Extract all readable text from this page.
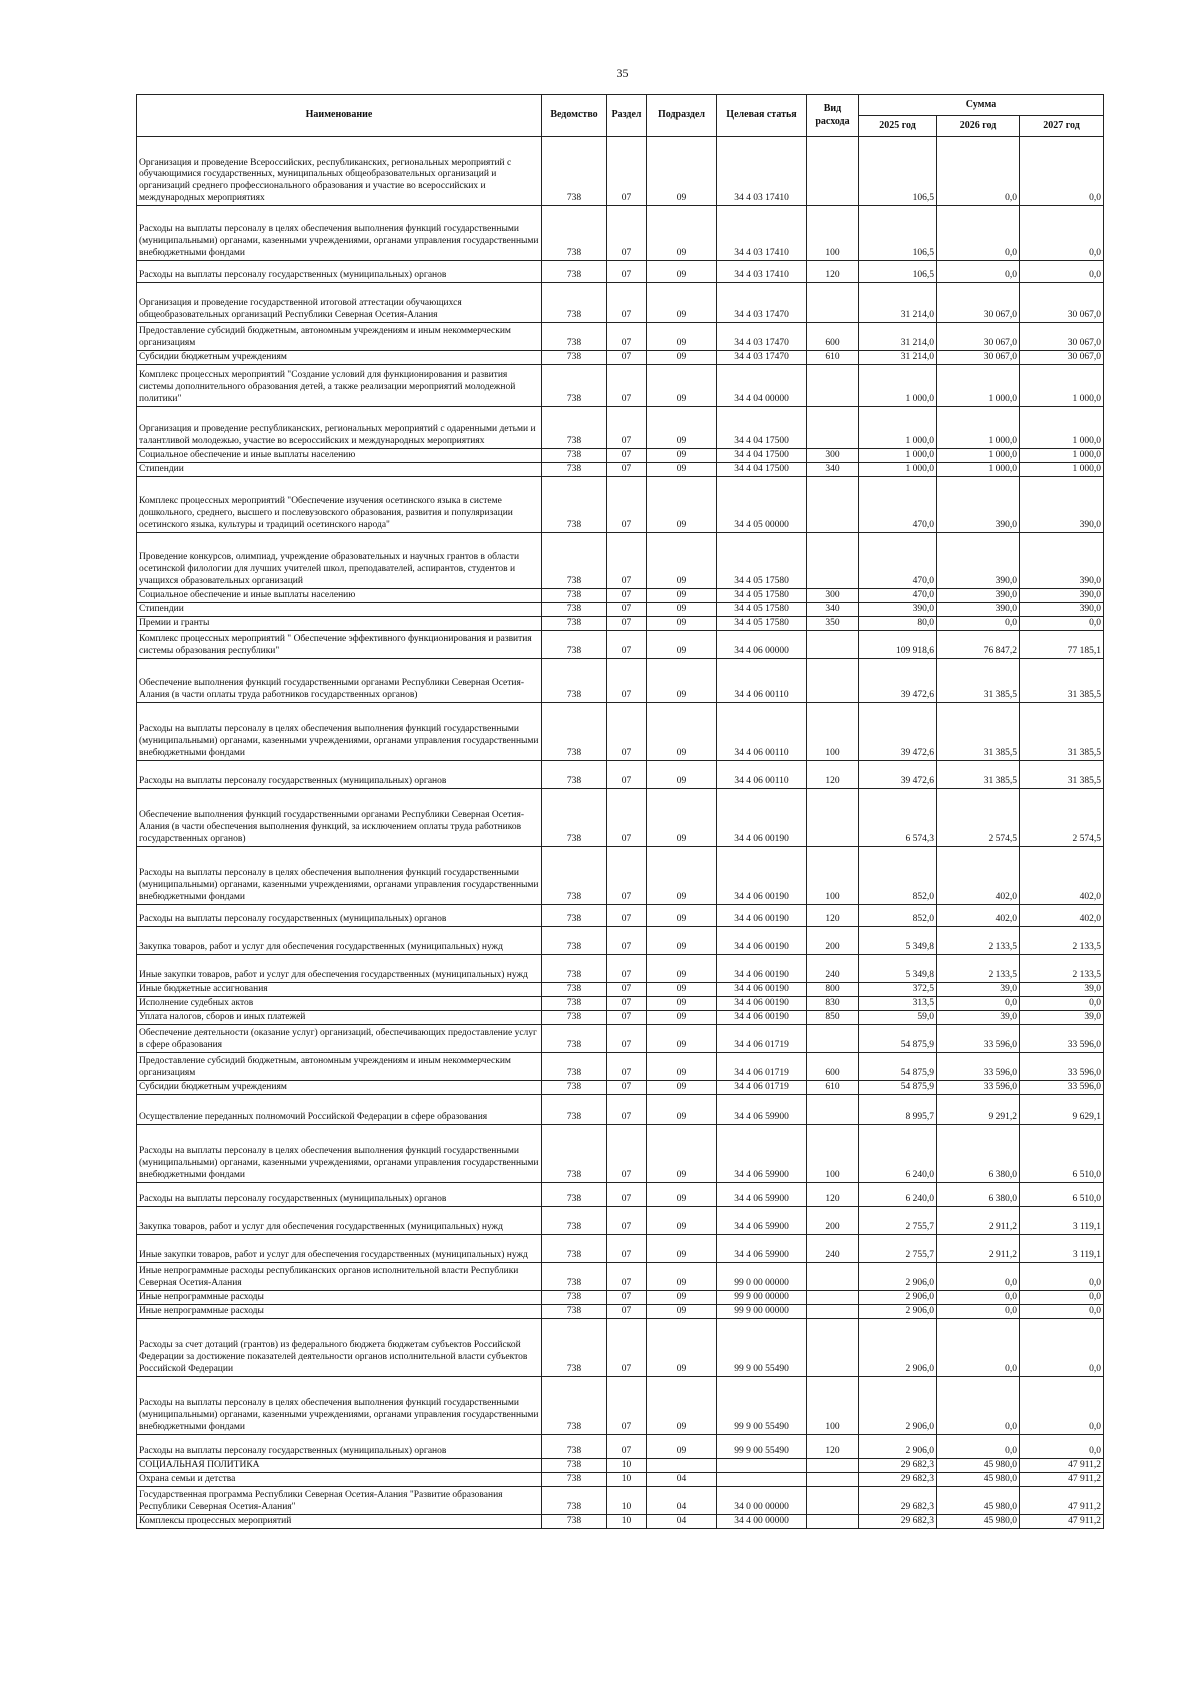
35
Наименование	Ведомство	Раздел	Подраздел	Целевая статья	Вид расхода	Сумма		
						2025 год	2026 год	2027 год
Организация и проведение Всероссийских, республиканских, региональных мероприятий с обучающимися государственных, муниципальных общеобразовательных организаций и организаций среднего профессионального образования и участие во всероссийских и международных мероприятиях	738	07	09	34 4 03 17410		106,5	0,0	0,0
Расходы на выплаты персоналу в целях обеспечения выполнения функций государственными (муниципальными) органами, казенными учреждениями, органами управления государственными внебюджетными фондами	738	07	09	34 4 03 17410	100	106,5	0,0	0,0
Расходы на выплаты персоналу государственных (муниципальных) органов	738	07	09	34 4 03 17410	120	106,5	0,0	0,0
Организация и проведение государственной итоговой аттестации обучающихся общеобразовательных организаций Республики Северная Осетия-Алания	738	07	09	34 4 03 17470		31 214,0	30 067,0	30 067,0
Предоставление субсидий бюджетным, автономным учреждениям и иным некоммерческим организациям	738	07	09	34 4 03 17470	600	31 214,0	30 067,0	30 067,0
Субсидии бюджетным учреждениям	738	07	09	34 4 03 17470	610	31 214,0	30 067,0	30 067,0
Комплекс процессных мероприятий "Создание условий для функционирования и развития системы дополнительного образования детей, а также реализации мероприятий молодежной политики"	738	07	09	34 4 04 00000		1 000,0	1 000,0	1 000,0
Организация и проведение республиканских, региональных мероприятий с одаренными детьми и талантливой молодежью, участие во всероссийских и международных мероприятиях	738	07	09	34 4 04 17500		1 000,0	1 000,0	1 000,0
Социальное обеспечение и иные выплаты населению	738	07	09	34 4 04 17500	300	1 000,0	1 000,0	1 000,0
Стипендии	738	07	09	34 4 04 17500	340	1 000,0	1 000,0	1 000,0
Комплекс процессных мероприятий "Обеспечение изучения осетинского языка в системе дошкольного, среднего, высшего и послевузовского образования, развития и популяризации осетинского языка, культуры и традиций осетинского народа"	738	07	09	34 4 05 00000		470,0	390,0	390,0
Проведение конкурсов, олимпиад, учреждение образовательных и научных грантов в области осетинской филологии для лучших учителей школ, преподавателей, аспирантов, студентов и учащихся образовательных организаций	738	07	09	34 4 05 17580		470,0	390,0	390,0
Социальное обеспечение и иные выплаты населению	738	07	09	34 4 05 17580	300	470,0	390,0	390,0
Стипендии	738	07	09	34 4 05 17580	340	390,0	390,0	390,0
Премии и гранты	738	07	09	34 4 05 17580	350	80,0	0,0	0,0
Комплекс процессных мероприятий " Обеспечение эффективного функционирования и развития системы образования республики"	738	07	09	34 4 06 00000		109 918,6	76 847,2	77 185,1
Обеспечение выполнения функций государственными органами Республики Северная Осетия-Алания (в части оплаты труда работников государственных органов)	738	07	09	34 4 06 00110		39 472,6	31 385,5	31 385,5
Расходы на выплаты персоналу в целях обеспечения выполнения функций государственными (муниципальными) органами, казенными учреждениями, органами управления государственными внебюджетными фондами	738	07	09	34 4 06 00110	100	39 472,6	31 385,5	31 385,5
Расходы на выплаты персоналу государственных (муниципальных) органов	738	07	09	34 4 06 00110	120	39 472,6	31 385,5	31 385,5
Обеспечение выполнения функций государственными органами Республики Северная Осетия-Алания (в части обеспечения выполнения функций, за исключением оплаты труда работников государственных органов)	738	07	09	34 4 06 00190		6 574,3	2 574,5	2 574,5
Расходы на выплаты персоналу в целях обеспечения выполнения функций государственными (муниципальными) органами, казенными учреждениями, органами управления государственными внебюджетными фондами	738	07	09	34 4 06 00190	100	852,0	402,0	402,0
Расходы на выплаты персоналу государственных (муниципальных) органов	738	07	09	34 4 06 00190	120	852,0	402,0	402,0
Закупка товаров, работ и услуг для обеспечения государственных (муниципальных) нужд	738	07	09	34 4 06 00190	200	5 349,8	2 133,5	2 133,5
Иные закупки товаров, работ и услуг для обеспечения государственных (муниципальных) нужд	738	07	09	34 4 06 00190	240	5 349,8	2 133,5	2 133,5
Иные бюджетные ассигнования	738	07	09	34 4 06 00190	800	372,5	39,0	39,0
Исполнение судебных актов	738	07	09	34 4 06 00190	830	313,5	0,0	0,0
Уплата налогов, сборов и иных платежей	738	07	09	34 4 06 00190	850	59,0	39,0	39,0
Обеспечение деятельности (оказание услуг) организаций, обеспечивающих предоставление услуг в сфере образования	738	07	09	34 4 06 01719		54 875,9	33 596,0	33 596,0
Предоставление субсидий бюджетным, автономным учреждениям и иным некоммерческим организациям	738	07	09	34 4 06 01719	600	54 875,9	33 596,0	33 596,0
Субсидии бюджетным учреждениям	738	07	09	34 4 06 01719	610	54 875,9	33 596,0	33 596,0
Осуществление переданных полномочий Российской Федерации в сфере образования	738	07	09	34 4 06 59900		8 995,7	9 291,2	9 629,1
Расходы на выплаты персоналу в целях обеспечения выполнения функций государственными (муниципальными) органами, казенными учреждениями, органами управления государственными внебюджетными фондами	738	07	09	34 4 06 59900	100	6 240,0	6 380,0	6 510,0
Расходы на выплаты персоналу государственных (муниципальных) органов	738	07	09	34 4 06 59900	120	6 240,0	6 380,0	6 510,0
Закупка товаров, работ и услуг для обеспечения государственных (муниципальных) нужд	738	07	09	34 4 06 59900	200	2 755,7	2 911,2	3 119,1
Иные закупки товаров, работ и услуг для обеспечения государственных (муниципальных) нужд	738	07	09	34 4 06 59900	240	2 755,7	2 911,2	3 119,1
Иные непрограммные расходы республиканских органов исполнительной власти Республики Северная Осетия-Алания	738	07	09	99 0 00 00000		2 906,0	0,0	0,0
Иные непрограммные расходы	738	07	09	99 9 00 00000		2 906,0	0,0	0,0
Иные непрограммные расходы	738	07	09	99 9 00 00000		2 906,0	0,0	0,0
Расходы за счет дотаций (грантов) из федерального бюджета бюджетам субъектов Российской Федерации за достижение показателей деятельности органов исполнительной власти субъектов Российской Федерации	738	07	09	99 9 00 55490		2 906,0	0,0	0,0
Расходы на выплаты персоналу в целях обеспечения выполнения функций государственными (муниципальными) органами, казенными учреждениями, органами управления государственными внебюджетными фондами	738	07	09	99 9 00 55490	100	2 906,0	0,0	0,0
Расходы на выплаты персоналу государственных (муниципальных) органов	738	07	09	99 9 00 55490	120	2 906,0	0,0	0,0
СОЦИАЛЬНАЯ ПОЛИТИКА	738	10				29 682,3	45 980,0	47 911,2
Охрана семьи и детства	738	10	04			29 682,3	45 980,0	47 911,2
Государственная программа Республики Северная Осетия-Алания "Развитие образования Республики Северная Осетия-Алания"	738	10	04	34 0 00 00000		29 682,3	45 980,0	47 911,2
Комплексы процессных мероприятий	738	10	04	34 4 00 00000		29 682,3	45 980,0	47 911,2
